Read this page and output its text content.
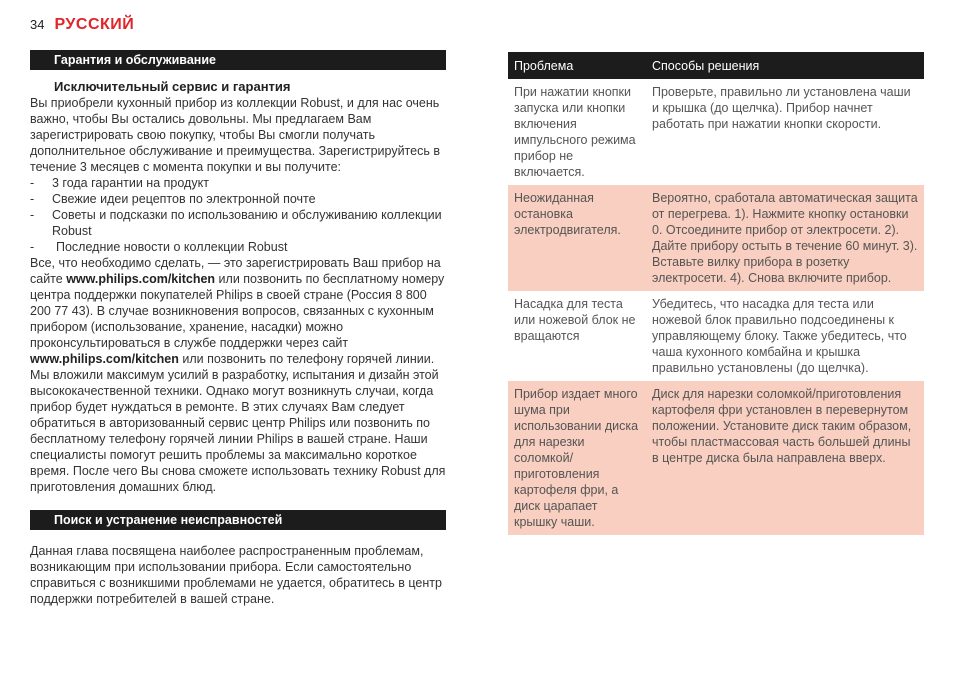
34 РУССКИЙ
Гарантия и обслуживание
Исключительный сервис и гарантия
Вы приобрели кухонный прибор из коллекции Robust, и для нас очень важно, чтобы Вы остались довольны. Мы предлагаем Вам зарегистрировать свою покупку, чтобы Вы смогли получать дополнительное обслуживание и преимущества. Зарегистрируйтесь в течение 3 месяцев с момента покупки и вы получите:
- 3 года гарантии на продукт
- Свежие идеи рецептов по электронной почте
- Советы и подсказки по использованию и обслуживанию коллекции Robust
- Последние новости о коллекции Robust
Все, что необходимо сделать, — это зарегистрировать Ваш прибор на сайте www.philips.com/kitchen или позвонить по бесплатному номеру центра поддержки покупателей Philips в своей стране (Россия 8 800 200 77 43). В случае возникновения вопросов, связанных с кухонным прибором (использование, хранение, насадки) можно проконсультироваться в службе поддержки через сайт www.philips.com/kitchen или позвонить по телефону горячей линии. Мы вложили максимум усилий в разработку, испытания и дизайн этой высококачественной техники. Однако могут возникнуть случаи, когда прибор будет нуждаться в ремонте. В этих случаях Вам следует обратиться в авторизованный сервис центр Philips или позвонить по бесплатному телефону горячей линии Philips в вашей стране. Наши специалисты помогут решить проблемы за максимально короткое время. После чего Вы снова сможете использовать технику Robust для приготовления домашних блюд.
Поиск и устранение неисправностей
Данная глава посвящена наиболее распространенным проблемам, возникающим при использовании прибора. Если самостоятельно справиться с возникшими проблемами не удается, обратитесь в центр поддержки потребителей в вашей стране.
Проблема	Способы решения
При нажатии кнопки запуска или кнопки включения импульсного режима прибор не включается.	Проверьте, правильно ли установлена чаши и крышка (до щелчка). Прибор начнет работать при нажатии кнопки скорости.
Неожиданная остановка электродвигателя.	Вероятно, сработала автоматическая защита от перегрева. 1). Нажмите кнопку остановки 0. Отсоедините прибор от электросети. 2). Дайте прибору остыть в течение 60 минут. 3). Вставьте вилку прибора в розетку электросети. 4). Снова включите прибор.
Насадка для теста или ножевой блок не вращаются	Убедитесь, что насадка для теста или ножевой блок правильно подсоединены к управляющему блоку. Также убедитесь, что чаша кухонного комбайна и крышка правильно установлены (до щелчка).
Прибор издает много шума при использовании диска для нарезки соломкой/ приготовления картофеля фри, а диск царапает крышку чаши.	Диск для нарезки соломкой/приготовления картофеля фри установлен в перевернутом положении. Установите диск таким образом, чтобы пластмассовая часть большей длины в центре диска была направлена вверх.
